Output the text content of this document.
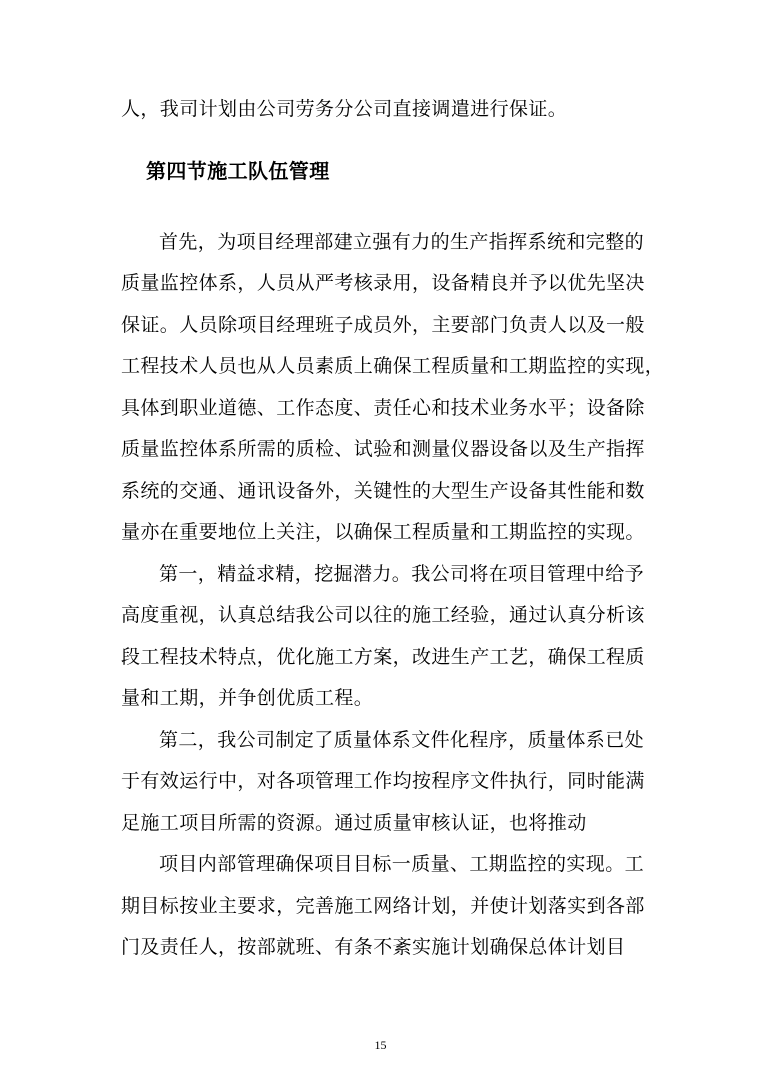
人，我司计划由公司劳务分公司直接调遣进行保证。
第四节施工队伍管理
首先，为项目经理部建立强有力的生产指挥系统和完整的
质量监控体系，人员从严考核录用，设备精良并予以优先坚决
保证。人员除项目经理班子成员外，主要部门负责人以及一般
工程技术人员也从人员素质上确保工程质量和工期监控的实现，
具体到职业道德、工作态度、责任心和技术业务水平；设备除
质量监控体系所需的质检、试验和测量仪器设备以及生产指挥
系统的交通、通讯设备外，关键性的大型生产设备其性能和数
量亦在重要地位上关注，以确保工程质量和工期监控的实现。
第一，精益求精，挖掘潜力。我公司将在项目管理中给予
高度重视，认真总结我公司以往的施工经验，通过认真分析该
段工程技术特点，优化施工方案，改进生产工艺，确保工程质
量和工期，并争创优质工程。
第二，我公司制定了质量体系文件化程序，质量体系已处
于有效运行中，对各项管理工作均按程序文件执行，同时能满
足施工项目所需的资源。通过质量审核认证，也将推动
项目内部管理确保项目目标一质量、工期监控的实现。工
期目标按业主要求，完善施工网络计划，并使计划落实到各部
门及责任人，按部就班、有条不紊实施计划确保总体计划目
15
